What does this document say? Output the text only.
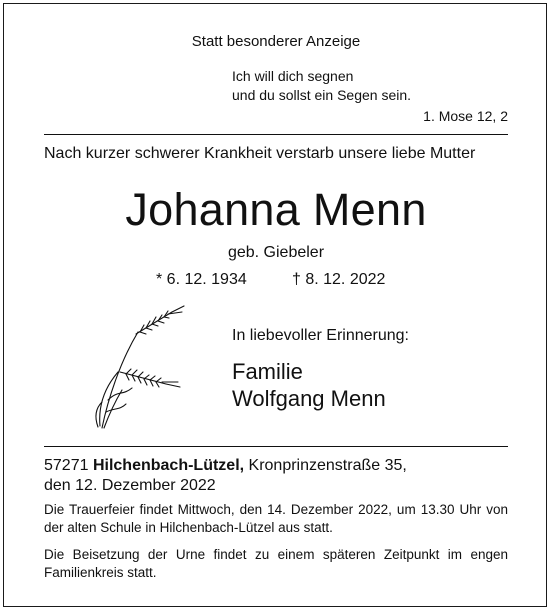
Statt besonderer Anzeige
Ich will dich segnen
und du sollst ein Segen sein.
1. Mose 12, 2
Nach kurzer schwerer Krankheit verstarb unsere liebe Mutter
Johanna Menn
geb. Giebeler
* 6. 12. 1934	† 8. 12. 2022
In liebevoller Erinnerung:
Familie
Wolfgang Menn
57271 Hilchenbach-Lützel, Kronprinzenstraße 35,
den 12. Dezember 2022
Die Trauerfeier findet Mittwoch, den 14. Dezember 2022, um 13.30 Uhr von der alten Schule in Hilchenbach-Lützel aus statt.
Die Beisetzung der Urne findet zu einem späteren Zeitpunkt im engen Familienkreis statt.
